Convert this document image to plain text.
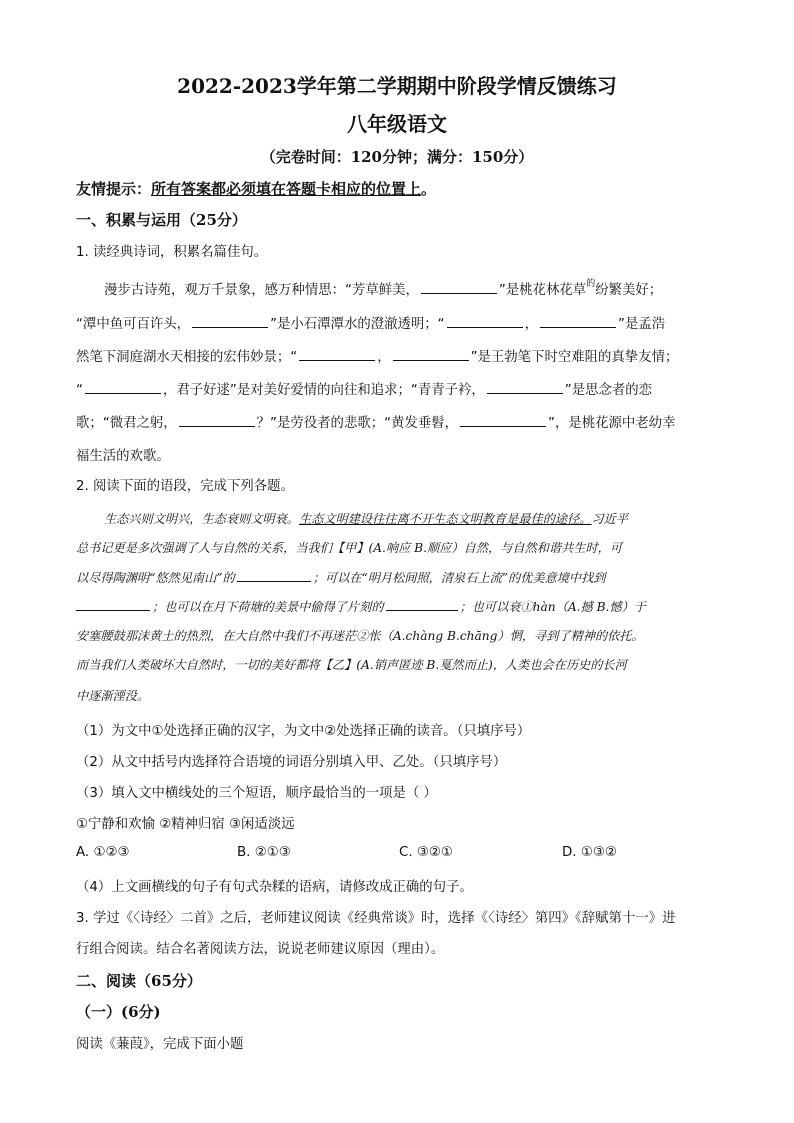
2022-2023学年第二学期期中阶段学情反馈练习
八年级语文
（完卷时间：120分钟；满分：150分）
友情提示：所有答案都必须填在答题卡相应的位置上。
一、积累与运用（25分）
1. 读经典诗词，积累名篇佳句。
漫步古诗苑，观万千景象，感万种情思：“芳草鲜美，	”是桃花林花草$^的$纷繁美好；
“潭中鱼可百许头，	”是小石潭潭水的澄澈透明；“	，	”是孟浩
然笔下洞庭湖水天相接的宏伟妙景；“	，	”是王勃笔下时空难阻的真挚友情；
“	，君子好逑”是对美好爱情的向往和追求；“青青子衿，	”是思念者的恋
歌；“微君之躬，	？”是劳役者的悲歌；“黄发垂髫，	”，是桃花源中老幼幸
福生活的欢歌。
2. 阅读下面的语段，完成下列各题。
生态兴则文明兴，生态衰则文明衰。生态文明建设往往离不开生态文明教育是最佳的途径。习近平
总书记更是多次强调了人与自然的关系，当我们【甲】(A.响应 B.顺应）自然，与自然和谐共生时，可
以尽得陶渊明“悠然见南山”的	；可以在“明月松间照，清泉石上流”的优美意境中找到
；也可以在月下荷塘的美景中偷得了片刻的	；也可以衰①hàn（A.撼 B.憾）于
安塞腰鼓那沫黄土的热烈，在大自然中我们不再迷茫②怅（A.chàng B.chāng）惘，寻到了精神的依托。
而当我们人类破坏大自然时，一切的美好都将【乙】(A.销声匿迹 B.戛然而止)，人类也会在历史的长河
中逐渐湮没。
（1）为文中①处选择正确的汉字，为文中②处选择正确的读音。（只填序号）
（2）从文中括号内选择符合语境的词语分别填入甲、乙处。（只填序号）
（3）填入文中横线处的三个短语，顺序最恰当的一项是（ ）
①宁静和欢愉 ②精神归宿 ③闲适淡远
A. ①②③	B. ②①③	C. ③②①	D. ①③②
（4）上文画横线的句子有句式杂糅的语病，请修改成正确的句子。
3. 学过《〈诗经〉二首》之后，老师建议阅读《经典常谈》时，选择《〈诗经〉第四》《辞赋第十一》进
行组合阅读。结合名著阅读方法，说说老师建议原因（理由）。
二、阅读（65分）
（一）(6分)
阅读《蒹葭》，完成下面小题
